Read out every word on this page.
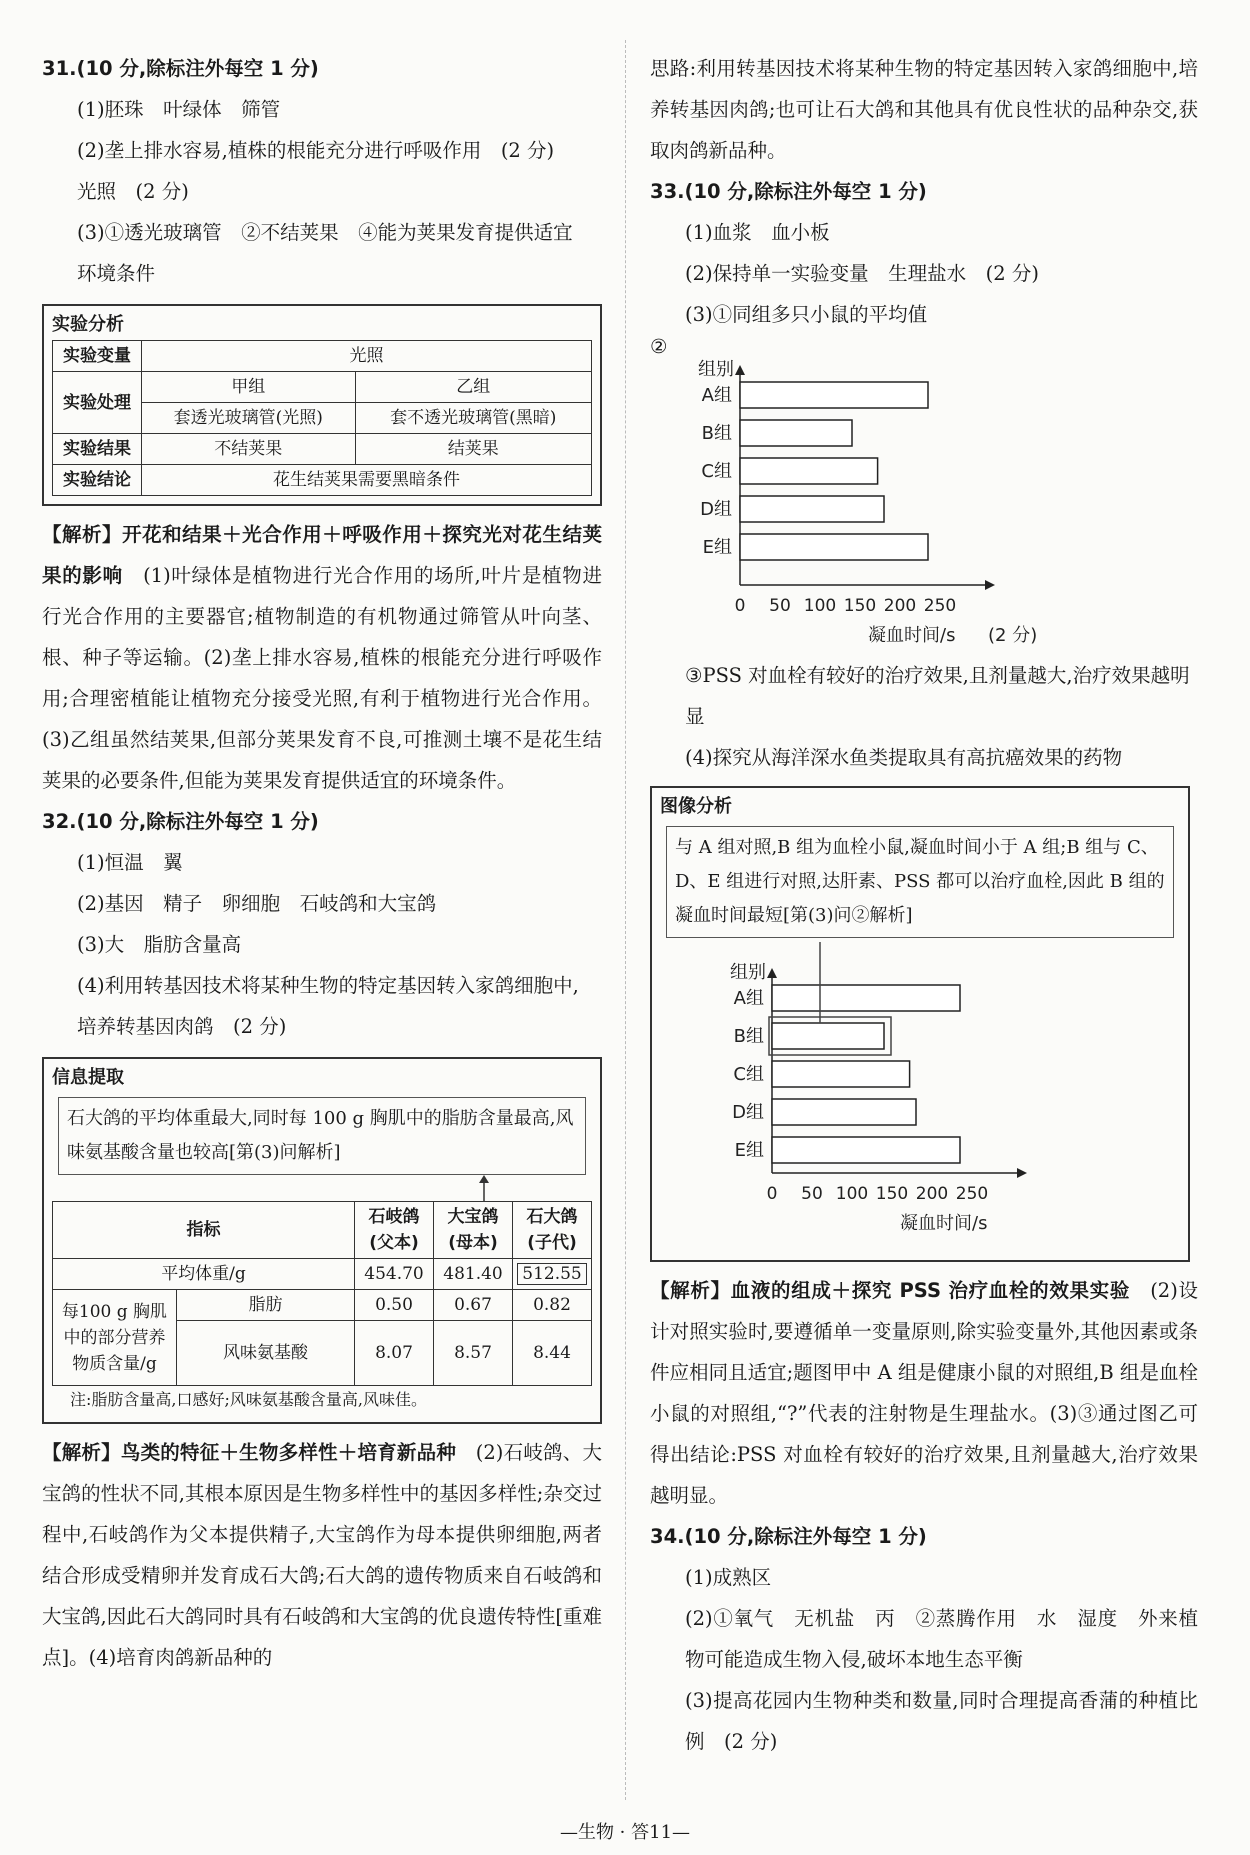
31.(10 分,除标注外每空 1 分)

(1)胚珠　叶绿体　筛管

(2)垄上排水容易,植株的根能充分进行呼吸作用　(2 分)

光照　(2 分)

(3)①透光玻璃管　②不结荚果　④能为荚果发育提供适宜

环境条件

实验分析
实验变量	光照	
实验处理	甲组	乙组
	套透光玻璃管(光照)	套不透光玻璃管(黑暗)
实验结果	不结荚果	结荚果
实验结论	花生结荚果需要黑暗条件	

【解析】开花和结果＋光合作用＋呼吸作用＋探究光对花生结荚果的影响　 (1)叶绿体是植物进行光合作用的场所,叶片是植物进行光合作用的主要器官;植物制造的有机物通过筛管从叶向茎、根、种子等运输。(2)垄上排水容易,植株的根能充分进行呼吸作用;合理密植能让植物充分接受光照,有利于植物进行光合作用。(3)乙组虽然结荚果,但部分荚果发育不良,可推测土壤不是花生结荚果的必要条件,但能为荚果发育提供适宜的环境条件。

32.(10 分,除标注外每空 1 分)

(1)恒温　翼

(2)基因　精子　卵细胞　石岐鸽和大宝鸽

(3)大　脂肪含量高

(4)利用转基因技术将某种生物的特定基因转入家鸽细胞中,

培养转基因肉鸽　(2 分)

信息提取
石大鸽的平均体重最大,同时每 100 g 胸肌中的脂肪含量最高,风味氨基酸含量也较高[第(3)问解析]
指标		石岐鸽(父本)	大宝鸽(母本)	石大鸽(子代)
平均体重/g		454.70	481.40	512.55
每100 g 胸肌中的部分营养物质含量/g	脂肪	0.50	0.67	0.82
	风味氨基酸	8.07	8.57	8.44
注:脂肪含量高,口感好;风味氨基酸含量高,风味佳。

【解析】鸟类的特征＋生物多样性＋培育新品种　 (2)石岐鸽、大宝鸽的性状不同,其根本原因是生物多样性中的基因多样性;杂交过程中,石岐鸽作为父本提供精子,大宝鸽作为母本提供卵细胞,两者结合形成受精卵并发育成石大鸽;石大鸽的遗传物质来自石岐鸽和大宝鸽,因此石大鸽同时具有石岐鸽和大宝鸽的优良遗传特性[重难点]。(4)培育肉鸽新品种的

思路:利用转基因技术将某种生物的特定基因转入家鸽细胞中,培养转基因肉鸽;也可让石大鸽和其他具有优良性状的品种杂交,获取肉鸽新品种。

33.(10 分,除标注外每空 1 分)

(1)血浆　血小板

(2)保持单一实验变量　生理盐水　(2 分)

(3)①同组多只小鼠的平均值

②
组别
A组
B组
C组
D组
E组
0 50 100 150 200 250
凝血时间/s (2 分)

③PSS 对血栓有较好的治疗效果,且剂量越大,治疗效果越明显

(4)探究从海洋深水鱼类提取具有高抗癌效果的药物

图像分析
与 A 组对照,B 组为血栓小鼠,凝血时间小于 A 组;B 组与 C、D、E 组进行对照,达肝素、PSS 都可以治疗血栓,因此 B 组的凝血时间最短[第(3)问②解析]
组别
A组
B组
C组
D组
E组
0 50 100 150 200 250
凝血时间/s

【解析】血液的组成＋探究 PSS 治疗血栓的效果实验　 (2)设计对照实验时,要遵循单一变量原则,除实验变量外,其他因素或条件应相同且适宜;题图甲中 A 组是健康小鼠的对照组,B 组是血栓小鼠的对照组,“?”代表的注射物是生理盐水。(3)③通过图乙可得出结论:PSS 对血栓有较好的治疗效果,且剂量越大,治疗效果越明显。

34.(10 分,除标注外每空 1 分)

(1)成熟区

(2)①氧气　无机盐　丙　②蒸腾作用　水　湿度　外来植物可能造成生物入侵,破坏本地生态平衡

(3)提高花园内生物种类和数量,同时合理提高香蒲的种植比例　(2 分)

—生物 · 答11—
